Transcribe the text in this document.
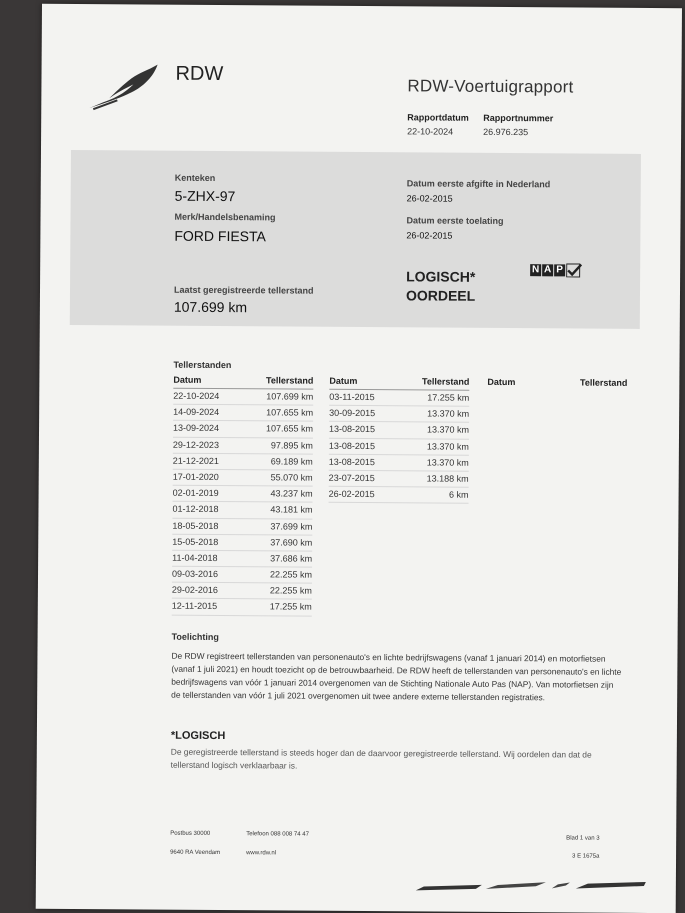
RDW
RDW-Voertuigrapport
Rapportdatum
22-10-2024
Rapportnummer
26.976.235
Kenteken
5-ZHX-97
Merk/Handelsbenaming
FORD FIESTA
Laatst geregistreerde tellerstand
107.699 km
Datum eerste afgifte in Nederland
26-02-2015
Datum eerste toelating
26-02-2015
LOGISCH*
OORDEEL
N A P
Tellerstanden
Datum	Tellerstand
22-10-2024	107.699 km
14-09-2024	107.655 km
13-09-2024	107.655 km
29-12-2023	97.895 km
21-12-2021	69.189 km
17-01-2020	55.070 km
02-01-2019	43.237 km
01-12-2018	43.181 km
18-05-2018	37.699 km
15-05-2018	37.690 km
11-04-2018	37.686 km
09-03-2016	22.255 km
29-02-2016	22.255 km
12-11-2015	17.255 km
Datum	Tellerstand
03-11-2015	17.255 km
30-09-2015	13.370 km
13-08-2015	13.370 km
13-08-2015	13.370 km
13-08-2015	13.370 km
23-07-2015	13.188 km
26-02-2015	6 km
Datum	Tellerstand
Toelichting
De RDW registreert tellerstanden van personenauto's en lichte bedrijfswagens (vanaf 1 januari 2014) en motorfietsen (vanaf 1 juli 2021) en houdt toezicht op de betrouwbaarheid. De RDW heeft de tellerstanden van personenauto's en lichte bedrijfswagens van vóór 1 januari 2014 overgenomen van de Stichting Nationale Auto Pas (NAP). Van motorfietsen zijn de tellerstanden van vóór 1 juli 2021 overgenomen uit twee andere externe tellerstanden registraties.
*LOGISCH
De geregistreerde tellerstand is steeds hoger dan de daarvoor geregistreerde tellerstand. Wij oordelen dan dat de tellerstand logisch verklaarbaar is.
Postbus 30000
9640 RA Veendam
Telefoon 088 008 74 47
www.rdw.nl
Blad 1 van 3
3 E 1675a
